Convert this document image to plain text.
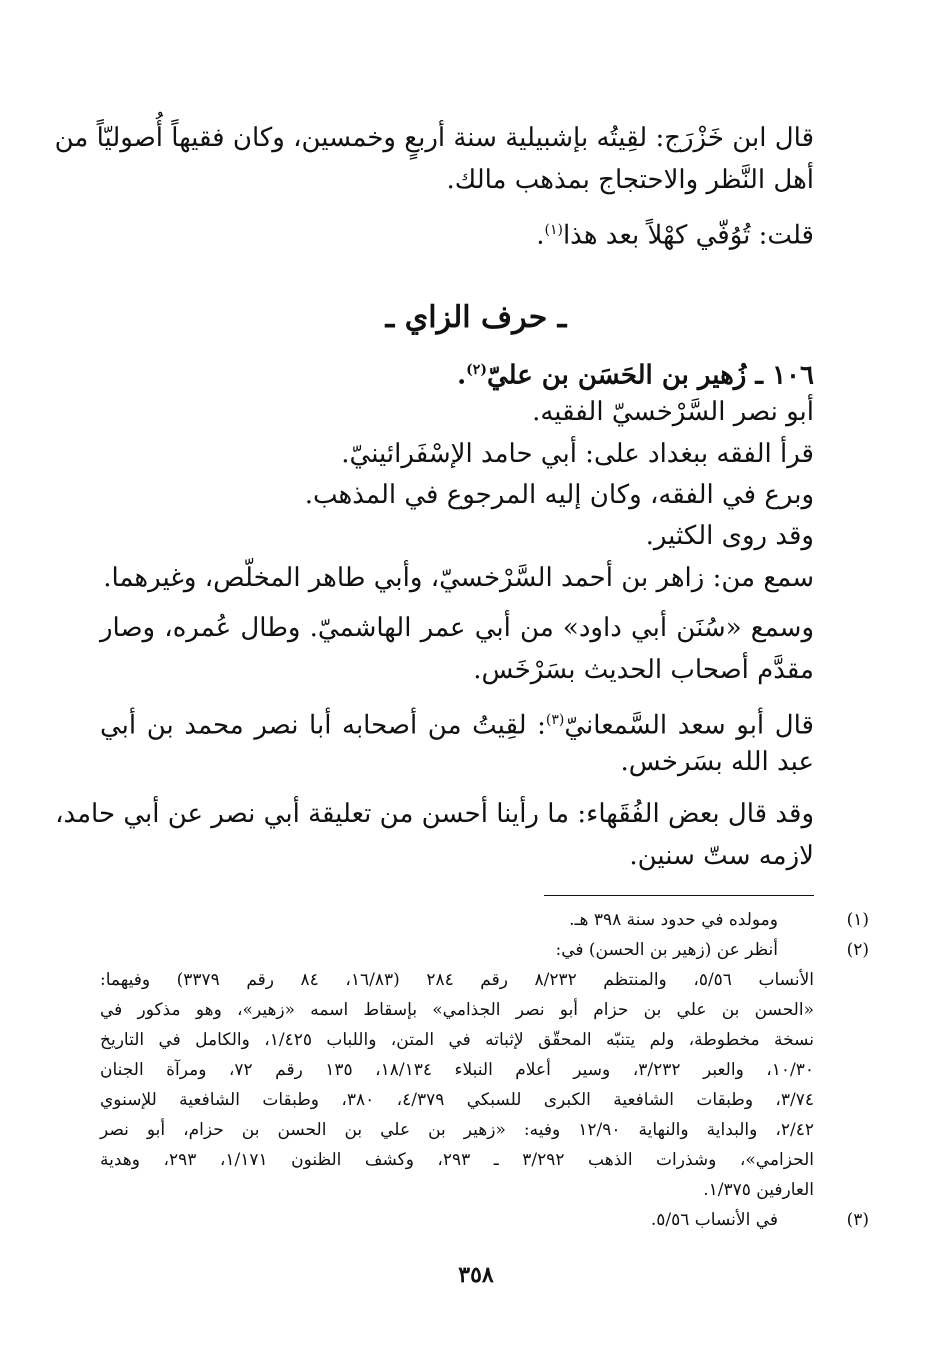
قال ابن خَزْرَج: لقِيتُه بإشبيلية سنة أربعٍ وخمسين، وكان فقيهاً أُصوليّاً من
أهل النَّظر والاحتجاج بمذهب مالك.
قلت: تُوُفّي كهْلاً بعد هذا$^{(١)}$.
ـ حرف الزاي ـ
١٠٦ ـ زُهير بن الحَسَن بن عليّ$^{(٢)}$.
أبو نصر السَّرْخسيّ الفقيه.
قرأ الفقه ببغداد على: أبي حامد الإسْفَرائينيّ.
وبرع في الفقه، وكان إليه المرجوع في المذهب.
وقد روى الكثير.
سمع من: زاهر بن أحمد السَّرْخسيّ، وأبي طاهر المخلّص، وغيرهما.
وسمع «سُنَن أبي داود» من أبي عمر الهاشميّ. وطال عُمره، وصار
مقدَّم أصحاب الحديث بسَرْخَس.
قال أبو سعد السَّمعانيّ$^{(٣)}$: لقِيتُ من أصحابه أبا نصر محمد بن أبي
عبد الله بسَرخس.
وقد قال بعض الفُقَهاء: ما رأينا أحسن من تعليقة أبي نصر عن أبي حامد،
لازمه ستّ سنين.
(١)
ومولده في حدود سنة ٣٩٨ هـ.
(٢)
أنظر عن (زهير بن الحسن) في:
الأنساب ٥/٥٦، والمنتظم ٨/٢٣٢ رقم ٢٨٤ (١٦/٨٣، ٨٤ رقم ٣٣٧٩) وفيهما:
«الحسن بن علي بن حزام أبو نصر الجذامي» بإسقاط اسمه «زهير»، وهو مذكور في
نسخة مخطوطة، ولم يتنبّه المحقّق لإثباته في المتن، واللباب ١/٤٢٥، والكامل في التاريخ
١٠/٣٠، والعبر ٣/٢٣٢، وسير أعلام النبلاء ١٨/١٣٤، ١٣٥ رقم ٧٢، ومرآة الجنان
٣/٧٤، وطبقات الشافعية الكبرى للسبكي ٤/٣٧٩، ٣٨٠، وطبقات الشافعية للإسنوي
٢/٤٢، والبداية والنهاية ١٢/٩٠ وفيه: «زهير بن علي بن الحسن بن حزام، أبو نصر
الحزامي»، وشذرات الذهب ٣/٢٩٢ ـ ٢٩٣، وكشف الظنون ١/١٧١، ٢٩٣، وهدية
العارفين ١/٣٧٥.
(٣)
في الأنساب ٥/٥٦.
٣٥٨
